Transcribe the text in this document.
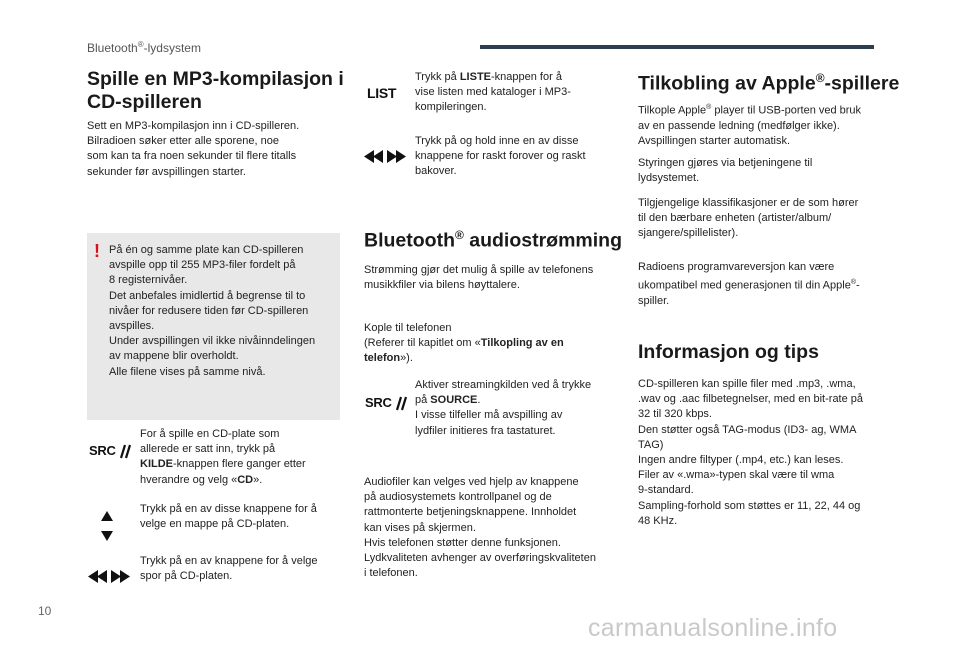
Bluetooth®-lydsystem
Spille en MP3-kompilasjon i
CD-spilleren

Sett en MP3-kompilasjon inn i CD-spilleren.
Bilradioen søker etter alle sporene, noe
som kan ta fra noen sekunder til flere titalls
sekunder før avspillingen starter.

! På én og samme plate kan CD-spilleren
avspille opp til 255 MP3-filer fordelt på
8 registernivåer.
Det anbefales imidlertid å begrense til to
nivåer for redusere tiden før CD-spilleren
avspilles.
Under avspillingen vil ikke nivåinndelingen
av mappene blir overholdt.
Alle filene vises på samme nivå.

SRC

For å spille en CD-plate som
allerede er satt inn, trykk på
KILDE-knappen flere ganger etter
hverandre og velg «CD».

Trykk på en av disse knappene for å
velge en mappe på CD-platen.

Trykk på en av knappene for å velge
spor på CD-platen.

LIST

Trykk på LISTE-knappen for å
vise listen med kataloger i MP3-
kompileringen.

Trykk på og hold inne en av disse
knappene for raskt forover og raskt
bakover.

Bluetooth® audiostrømming

Strømming gjør det mulig å spille av telefonens
musikkfiler via bilens høyttalere.

Kople til telefonen
(Referer til kapitlet om «Tilkopling av en
telefon»).

SRC

Aktiver streamingkilden ved å trykke
på SOURCE.
I visse tilfeller må avspilling av
lydfiler initieres fra tastaturet.

Audiofiler kan velges ved hjelp av knappene
på audiosystemets kontrollpanel og de
rattmonterte betjeningsknappene. Innholdet
kan vises på skjermen.
Hvis telefonen støtter denne funksjonen.
Lydkvaliteten avhenger av overføringskvaliteten
i telefonen.

Tilkobling av Apple®-spillere

Tilkople Apple® player til USB-porten ved bruk
av en passende ledning (medfølger ikke).
Avspillingen starter automatisk.

Styringen gjøres via betjeningene til
lydsystemet.

Tilgjengelige klassifikasjoner er de som hører
til den bærbare enheten (artister/album/
sjangere/spillelister).

Radioens programvareversjon kan være
ukompatibel med generasjonen til din Apple®-
spiller.

Informasjon og tips

CD-spilleren kan spille filer med .mp3, .wma,
.wav og .aac filbetegnelser, med en bit-rate på
32 til 320 kbps.
Den støtter også TAG-modus (ID3- ag, WMA
TAG)
Ingen andre filtyper (.mp4, etc.) kan leses.
Filer av «.wma»-typen skal være til wma
9-standard.
Sampling-forhold som støttes er 11, 22, 44 og
48 KHz.

10
carmanualsonline.info
